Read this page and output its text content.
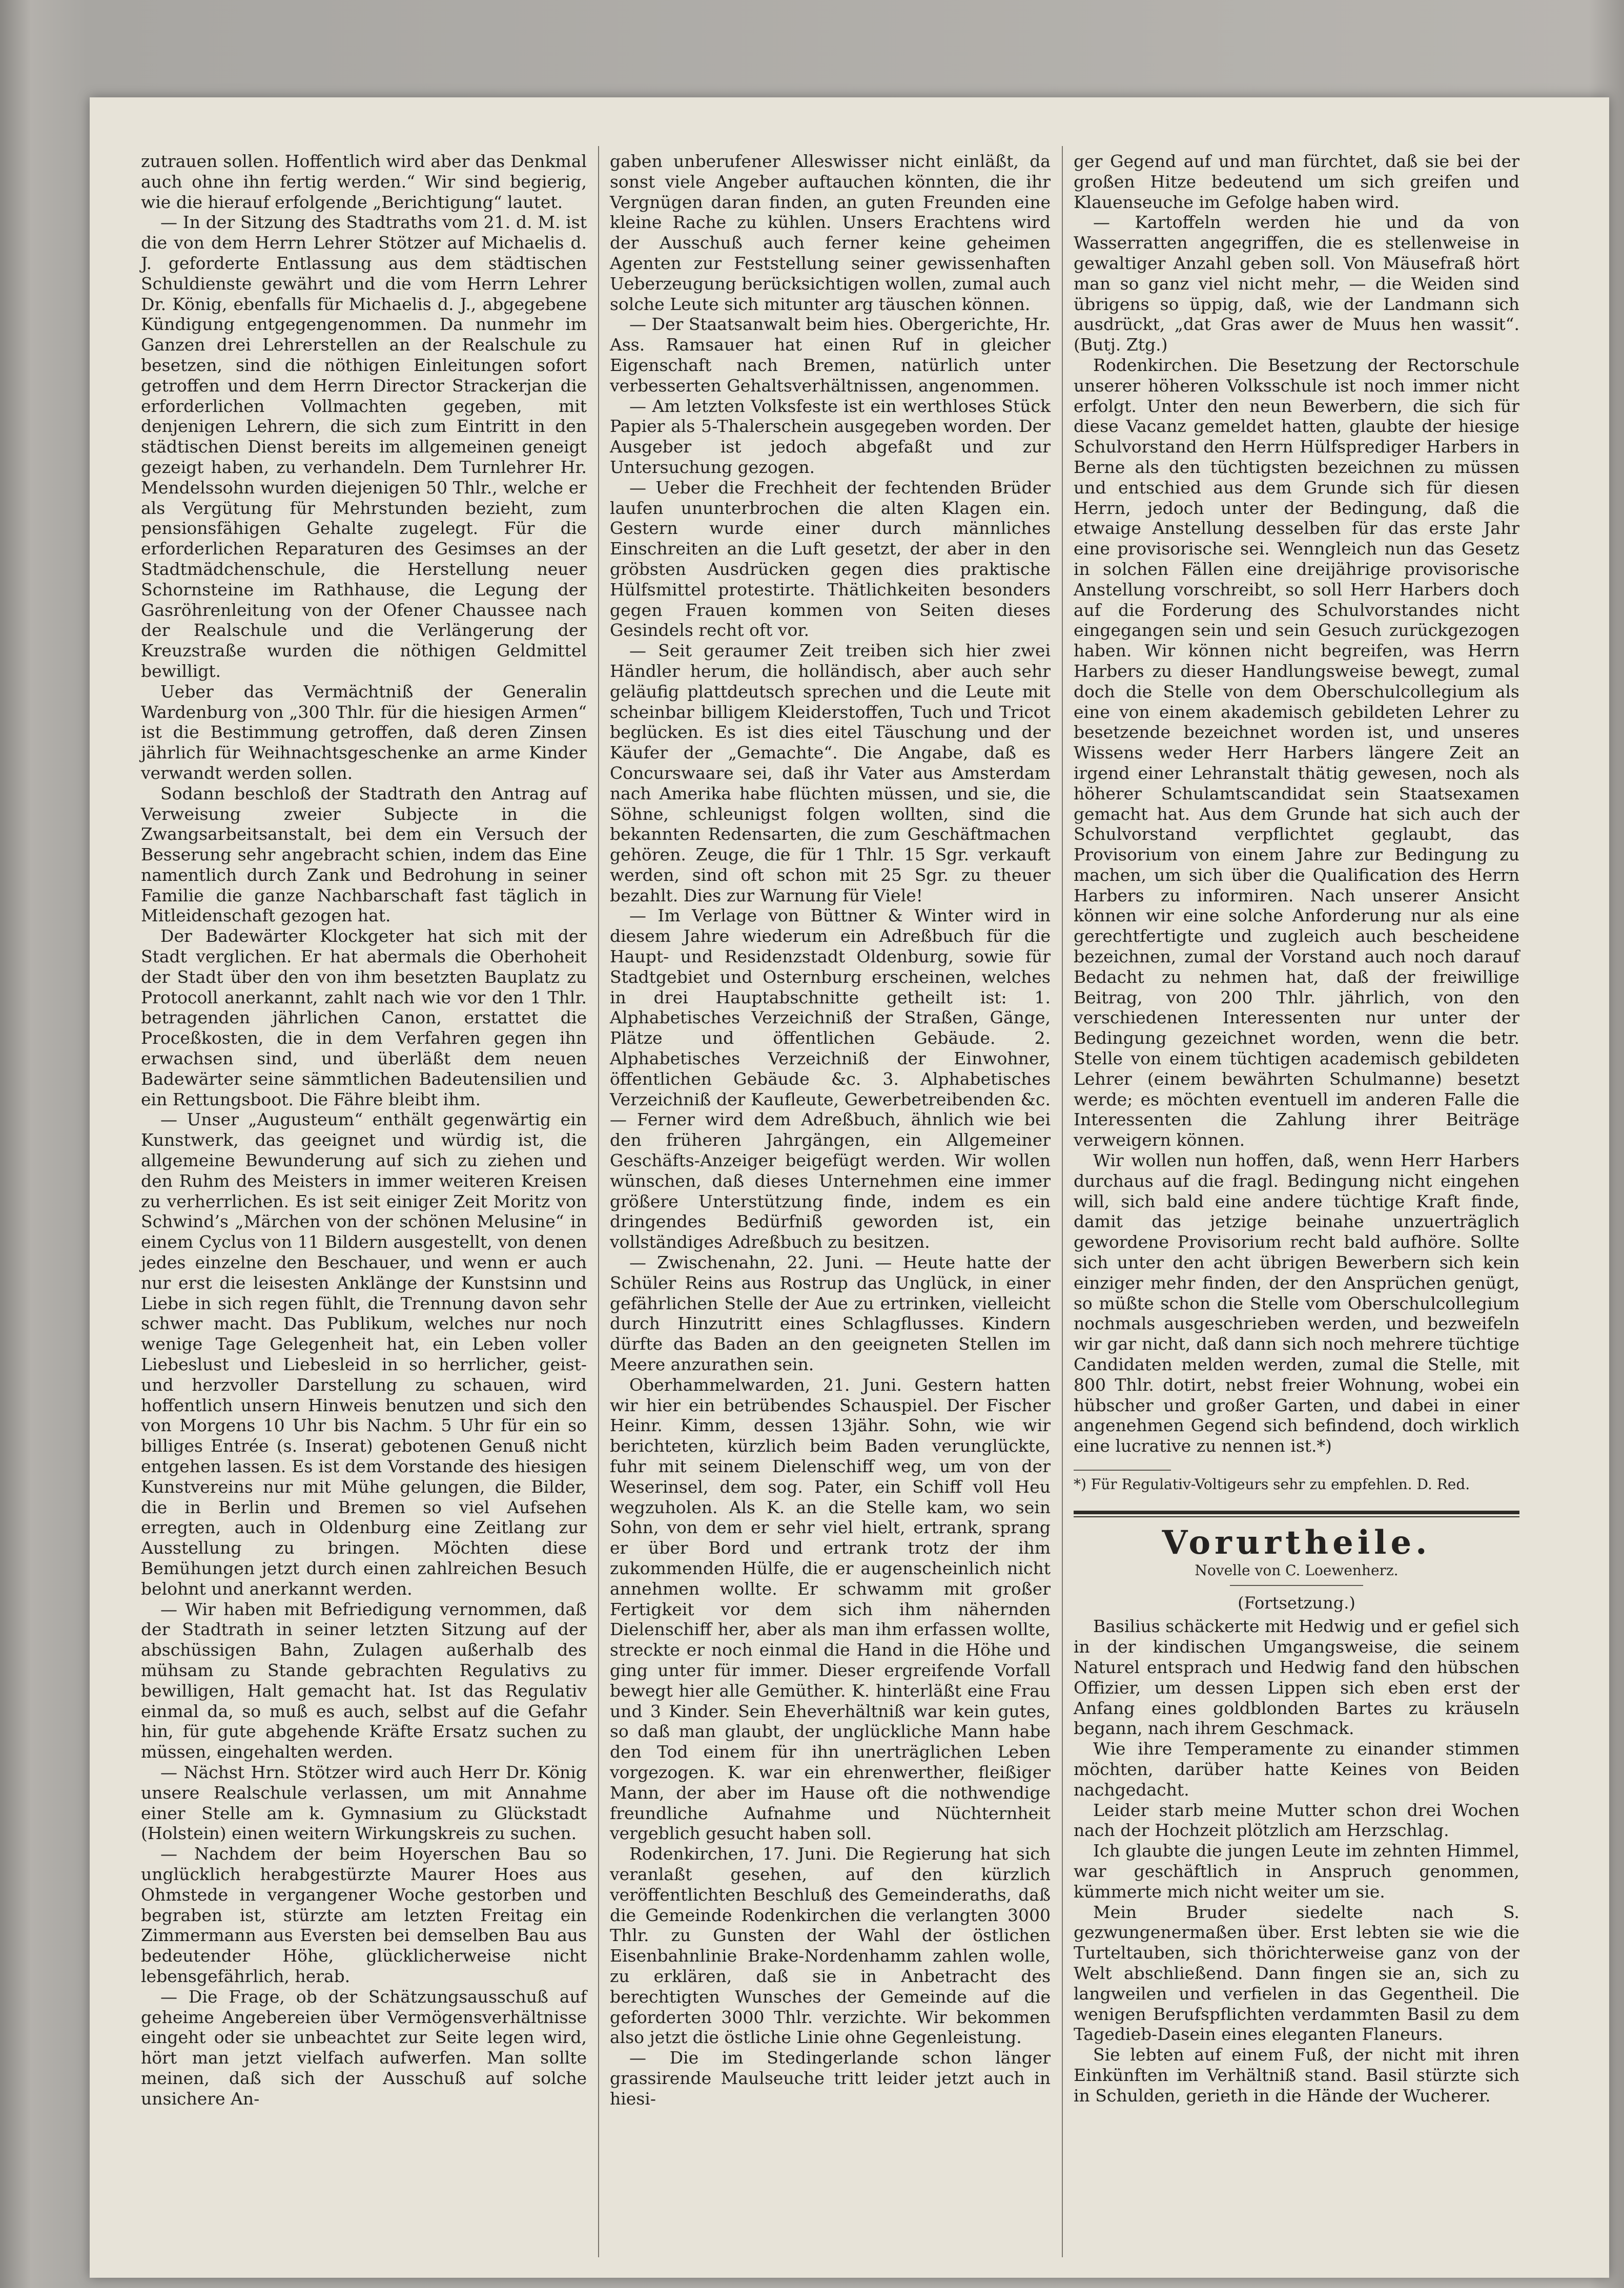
zutrauen sollen. Hoffentlich wird aber das Denkmal auch ohne ihn fertig werden.“ Wir sind begierig, wie die hierauf erfolgende „Berichtigung“ lautet.

— In der Sitzung des Stadtraths vom 21. d. M. ist die von dem Herrn Lehrer Stötzer auf Michaelis d. J. geforderte Entlassung aus dem städtischen Schuldienste gewährt und die vom Herrn Lehrer Dr. König, ebenfalls für Michaelis d. J., abgegebene Kündigung entgegengenommen. Da nunmehr im Ganzen drei Lehrerstellen an der Realschule zu besetzen, sind die nöthigen Einleitungen sofort getroffen und dem Herrn Director Strackerjan die erforderlichen Vollmachten gegeben, mit denjenigen Lehrern, die sich zum Eintritt in den städtischen Dienst bereits im allgemeinen geneigt gezeigt haben, zu verhandeln. Dem Turnlehrer Hr. Mendelssohn wurden diejenigen 50 Thlr., welche er als Vergütung für Mehrstunden bezieht, zum pensionsfähigen Gehalte zugelegt. Für die erforderlichen Reparaturen des Gesimses an der Stadtmädchenschule, die Herstellung neuer Schornsteine im Rathhause, die Legung der Gasröhrenleitung von der Ofener Chaussee nach der Realschule und die Verlängerung der Kreuzstraße wurden die nöthigen Geldmittel bewilligt.

Ueber das Vermächtniß der Generalin Wardenburg von „300 Thlr. für die hiesigen Armen“ ist die Bestimmung getroffen, daß deren Zinsen jährlich für Weihnachtsgeschenke an arme Kinder verwandt werden sollen.

Sodann beschloß der Stadtrath den Antrag auf Verweisung zweier Subjecte in die Zwangsarbeitsanstalt, bei dem ein Versuch der Besserung sehr angebracht schien, indem das Eine namentlich durch Zank und Bedrohung in seiner Familie die ganze Nachbarschaft fast täglich in Mitleidenschaft gezogen hat.

Der Badewärter Klockgeter hat sich mit der Stadt verglichen. Er hat abermals die Oberhoheit der Stadt über den von ihm besetzten Bauplatz zu Protocoll anerkannt, zahlt nach wie vor den 1 Thlr. betragenden jährlichen Canon, erstattet die Proceßkosten, die in dem Verfahren gegen ihn erwachsen sind, und überläßt dem neuen Badewärter seine sämmtlichen Badeutensilien und ein Rettungsboot. Die Fähre bleibt ihm.

— Unser „Augusteum“ enthält gegenwärtig ein Kunstwerk, das geeignet und würdig ist, die allgemeine Bewunderung auf sich zu ziehen und den Ruhm des Meisters in immer weiteren Kreisen zu verherrlichen. Es ist seit einiger Zeit Moritz von Schwind’s „Märchen von der schönen Melusine“ in einem Cyclus von 11 Bildern ausgestellt, von denen jedes einzelne den Beschauer, und wenn er auch nur erst die leisesten Anklänge der Kunstsinn und Liebe in sich regen fühlt, die Trennung davon sehr schwer macht. Das Publikum, welches nur noch wenige Tage Gelegenheit hat, ein Leben voller Liebeslust und Liebesleid in so herrlicher, geist- und herzvoller Darstellung zu schauen, wird hoffentlich unsern Hinweis benutzen und sich den von Morgens 10 Uhr bis Nachm. 5 Uhr für ein so billiges Entrée (s. Inserat) gebotenen Genuß nicht entgehen lassen. Es ist dem Vorstande des hiesigen Kunstvereins nur mit Mühe gelungen, die Bilder, die in Berlin und Bremen so viel Aufsehen erregten, auch in Oldenburg eine Zeitlang zur Ausstellung zu bringen. Möchten diese Bemühungen jetzt durch einen zahlreichen Besuch belohnt und anerkannt werden.

— Wir haben mit Befriedigung vernommen, daß der Stadtrath in seiner letzten Sitzung auf der abschüssigen Bahn, Zulagen außerhalb des mühsam zu Stande gebrachten Regulativs zu bewilligen, Halt gemacht hat. Ist das Regulativ einmal da, so muß es auch, selbst auf die Gefahr hin, für gute abgehende Kräfte Ersatz suchen zu müssen, eingehalten werden.

— Nächst Hrn. Stötzer wird auch Herr Dr. König unsere Realschule verlassen, um mit Annahme einer Stelle am k. Gymnasium zu Glückstadt (Holstein) einen weitern Wirkungskreis zu suchen.

— Nachdem der beim Hoyerschen Bau so unglücklich herabgestürzte Maurer Hoes aus Ohmstede in vergangener Woche gestorben und begraben ist, stürzte am letzten Freitag ein Zimmermann aus Eversten bei demselben Bau aus bedeutender Höhe, glücklicherweise nicht lebensgefährlich, herab.

— Die Frage, ob der Schätzungsausschuß auf geheime Angebereien über Vermögensverhältnisse eingeht oder sie unbeachtet zur Seite legen wird, hört man jetzt vielfach aufwerfen. Man sollte meinen, daß sich der Ausschuß auf solche unsichere An-

gaben unberufener Alleswisser nicht einläßt, da sonst viele Angeber auftauchen könnten, die ihr Vergnügen daran finden, an guten Freunden eine kleine Rache zu kühlen. Unsers Erachtens wird der Ausschuß auch ferner keine geheimen Agenten zur Feststellung seiner gewissenhaften Ueberzeugung berücksichtigen wollen, zumal auch solche Leute sich mitunter arg täuschen können.

— Der Staatsanwalt beim hies. Obergerichte, Hr. Ass. Ramsauer hat einen Ruf in gleicher Eigenschaft nach Bremen, natürlich unter verbesserten Gehaltsverhältnissen, angenommen.

— Am letzten Volksfeste ist ein werthloses Stück Papier als 5-Thalerschein ausgegeben worden. Der Ausgeber ist jedoch abgefaßt und zur Untersuchung gezogen.

— Ueber die Frechheit der fechtenden Brüder laufen ununterbrochen die alten Klagen ein. Gestern wurde einer durch männliches Einschreiten an die Luft gesetzt, der aber in den gröbsten Ausdrücken gegen dies praktische Hülfsmittel protestirte. Thätlichkeiten besonders gegen Frauen kommen von Seiten dieses Gesindels recht oft vor.

— Seit geraumer Zeit treiben sich hier zwei Händler herum, die holländisch, aber auch sehr geläufig plattdeutsch sprechen und die Leute mit scheinbar billigem Kleiderstoffen, Tuch und Tricot beglücken. Es ist dies eitel Täuschung und der Käufer der „Gemachte“. Die Angabe, daß es Concurswaare sei, daß ihr Vater aus Amsterdam nach Amerika habe flüchten müssen, und sie, die Söhne, schleunigst folgen wollten, sind die bekannten Redensarten, die zum Geschäftmachen gehören. Zeuge, die für 1 Thlr. 15 Sgr. verkauft werden, sind oft schon mit 25 Sgr. zu theuer bezahlt. Dies zur Warnung für Viele!

— Im Verlage von Büttner & Winter wird in diesem Jahre wiederum ein Adreßbuch für die Haupt- und Residenzstadt Oldenburg, sowie für Stadtgebiet und Osternburg erscheinen, welches in drei Hauptabschnitte getheilt ist: 1. Alphabetisches Verzeichniß der Straßen, Gänge, Plätze und öffentlichen Gebäude. 2. Alphabetisches Verzeichniß der Einwohner, öffentlichen Gebäude &c. 3. Alphabetisches Verzeichniß der Kaufleute, Gewerbetreibenden &c. — Ferner wird dem Adreßbuch, ähnlich wie bei den früheren Jahrgängen, ein Allgemeiner Geschäfts-Anzeiger beigefügt werden. Wir wollen wünschen, daß dieses Unternehmen eine immer größere Unterstützung finde, indem es ein dringendes Bedürfniß geworden ist, ein vollständiges Adreßbuch zu besitzen.

— Zwischenahn, 22. Juni. — Heute hatte der Schüler Reins aus Rostrup das Unglück, in einer gefährlichen Stelle der Aue zu ertrinken, vielleicht durch Hinzutritt eines Schlagflusses. Kindern dürfte das Baden an den geeigneten Stellen im Meere anzurathen sein.

Oberhammelwarden, 21. Juni. Gestern hatten wir hier ein betrübendes Schauspiel. Der Fischer Heinr. Kimm, dessen 13jähr. Sohn, wie wir berichteten, kürzlich beim Baden verunglückte, fuhr mit seinem Dielenschiff weg, um von der Weserinsel, dem sog. Pater, ein Schiff voll Heu wegzuholen. Als K. an die Stelle kam, wo sein Sohn, von dem er sehr viel hielt, ertrank, sprang er über Bord und ertrank trotz der ihm zukommenden Hülfe, die er augenscheinlich nicht annehmen wollte. Er schwamm mit großer Fertigkeit vor dem sich ihm nähernden Dielenschiff her, aber als man ihm erfassen wollte, streckte er noch einmal die Hand in die Höhe und ging unter für immer. Dieser ergreifende Vorfall bewegt hier alle Gemüther. K. hinterläßt eine Frau und 3 Kinder. Sein Eheverhältniß war kein gutes, so daß man glaubt, der unglückliche Mann habe den Tod einem für ihn unerträglichen Leben vorgezogen. K. war ein ehrenwerther, fleißiger Mann, der aber im Hause oft die nothwendige freundliche Aufnahme und Nüchternheit vergeblich gesucht haben soll.

Rodenkirchen, 17. Juni. Die Regierung hat sich veranlaßt gesehen, auf den kürzlich veröffentlichten Beschluß des Gemeinderaths, daß die Gemeinde Rodenkirchen die verlangten 3000 Thlr. zu Gunsten der Wahl der östlichen Eisenbahnlinie Brake-Nordenhamm zahlen wolle, zu erklären, daß sie in Anbetracht des berechtigten Wunsches der Gemeinde auf die geforderten 3000 Thlr. verzichte. Wir bekommen also jetzt die östliche Linie ohne Gegenleistung.

— Die im Stedingerlande schon länger grassirende Maulseuche tritt leider jetzt auch in hiesi-

ger Gegend auf und man fürchtet, daß sie bei der großen Hitze bedeutend um sich greifen und Klauenseuche im Gefolge haben wird.

— Kartoffeln werden hie und da von Wasserratten angegriffen, die es stellenweise in gewaltiger Anzahl geben soll. Von Mäusefraß hört man so ganz viel nicht mehr, — die Weiden sind übrigens so üppig, daß, wie der Landmann sich ausdrückt, „dat Gras awer de Muus hen wassit“. (Butj. Ztg.)

Rodenkirchen. Die Besetzung der Rectorschule unserer höheren Volksschule ist noch immer nicht erfolgt. Unter den neun Bewerbern, die sich für diese Vacanz gemeldet hatten, glaubte der hiesige Schulvorstand den Herrn Hülfsprediger Harbers in Berne als den tüchtigsten bezeichnen zu müssen und entschied aus dem Grunde sich für diesen Herrn, jedoch unter der Bedingung, daß die etwaige Anstellung desselben für das erste Jahr eine provisorische sei. Wenngleich nun das Gesetz in solchen Fällen eine dreijährige provisorische Anstellung vorschreibt, so soll Herr Harbers doch auf die Forderung des Schulvorstandes nicht eingegangen sein und sein Gesuch zurückgezogen haben. Wir können nicht begreifen, was Herrn Harbers zu dieser Handlungsweise bewegt, zumal doch die Stelle von dem Oberschulcollegium als eine von einem akademisch gebildeten Lehrer zu besetzende bezeichnet worden ist, und unseres Wissens weder Herr Harbers längere Zeit an irgend einer Lehranstalt thätig gewesen, noch als höherer Schulamtscandidat sein Staatsexamen gemacht hat. Aus dem Grunde hat sich auch der Schulvorstand verpflichtet geglaubt, das Provisorium von einem Jahre zur Bedingung zu machen, um sich über die Qualification des Herrn Harbers zu informiren. Nach unserer Ansicht können wir eine solche Anforderung nur als eine gerechtfertigte und zugleich auch bescheidene bezeichnen, zumal der Vorstand auch noch darauf Bedacht zu nehmen hat, daß der freiwillige Beitrag, von 200 Thlr. jährlich, von den verschiedenen Interessenten nur unter der Bedingung gezeichnet worden, wenn die betr. Stelle von einem tüchtigen academisch gebildeten Lehrer (einem bewährten Schulmanne) besetzt werde; es möchten eventuell im anderen Falle die Interessenten die Zahlung ihrer Beiträge verweigern können.

Wir wollen nun hoffen, daß, wenn Herr Harbers durchaus auf die fragl. Bedingung nicht eingehen will, sich bald eine andere tüchtige Kraft finde, damit das jetzige beinahe unzuerträglich gewordene Provisorium recht bald aufhöre. Sollte sich unter den acht übrigen Bewerbern sich kein einziger mehr finden, der den Ansprüchen genügt, so müßte schon die Stelle vom Oberschulcollegium nochmals ausgeschrieben werden, und bezweifeln wir gar nicht, daß dann sich noch mehrere tüchtige Candidaten melden werden, zumal die Stelle, mit 800 Thlr. dotirt, nebst freier Wohnung, wobei ein hübscher und großer Garten, und dabei in einer angenehmen Gegend sich befindend, doch wirklich eine lucrative zu nennen ist.*)

*) Für Regulativ-Voltigeurs sehr zu empfehlen. D. Red.

Vorurtheile.
Novelle von C. Loewenherz.
(Fortsetzung.)

Basilius schäckerte mit Hedwig und er gefiel sich in der kindischen Umgangsweise, die seinem Naturel entsprach und Hedwig fand den hübschen Offizier, um dessen Lippen sich eben erst der Anfang eines goldblonden Bartes zu kräuseln begann, nach ihrem Geschmack.

Wie ihre Temperamente zu einander stimmen möchten, darüber hatte Keines von Beiden nachgedacht.

Leider starb meine Mutter schon drei Wochen nach der Hochzeit plötzlich am Herzschlag.

Ich glaubte die jungen Leute im zehnten Himmel, war geschäftlich in Anspruch genommen, kümmerte mich nicht weiter um sie.

Mein Bruder siedelte nach S. gezwungenermaßen über. Erst lebten sie wie die Turteltauben, sich thörichterweise ganz von der Welt abschließend. Dann fingen sie an, sich zu langweilen und verfielen in das Gegentheil. Die wenigen Berufspflichten verdammten Basil zu dem Tagedieb-Dasein eines eleganten Flaneurs.

Sie lebten auf einem Fuß, der nicht mit ihren Einkünften im Verhältniß stand. Basil stürzte sich in Schulden, gerieth in die Hände der Wucherer.
